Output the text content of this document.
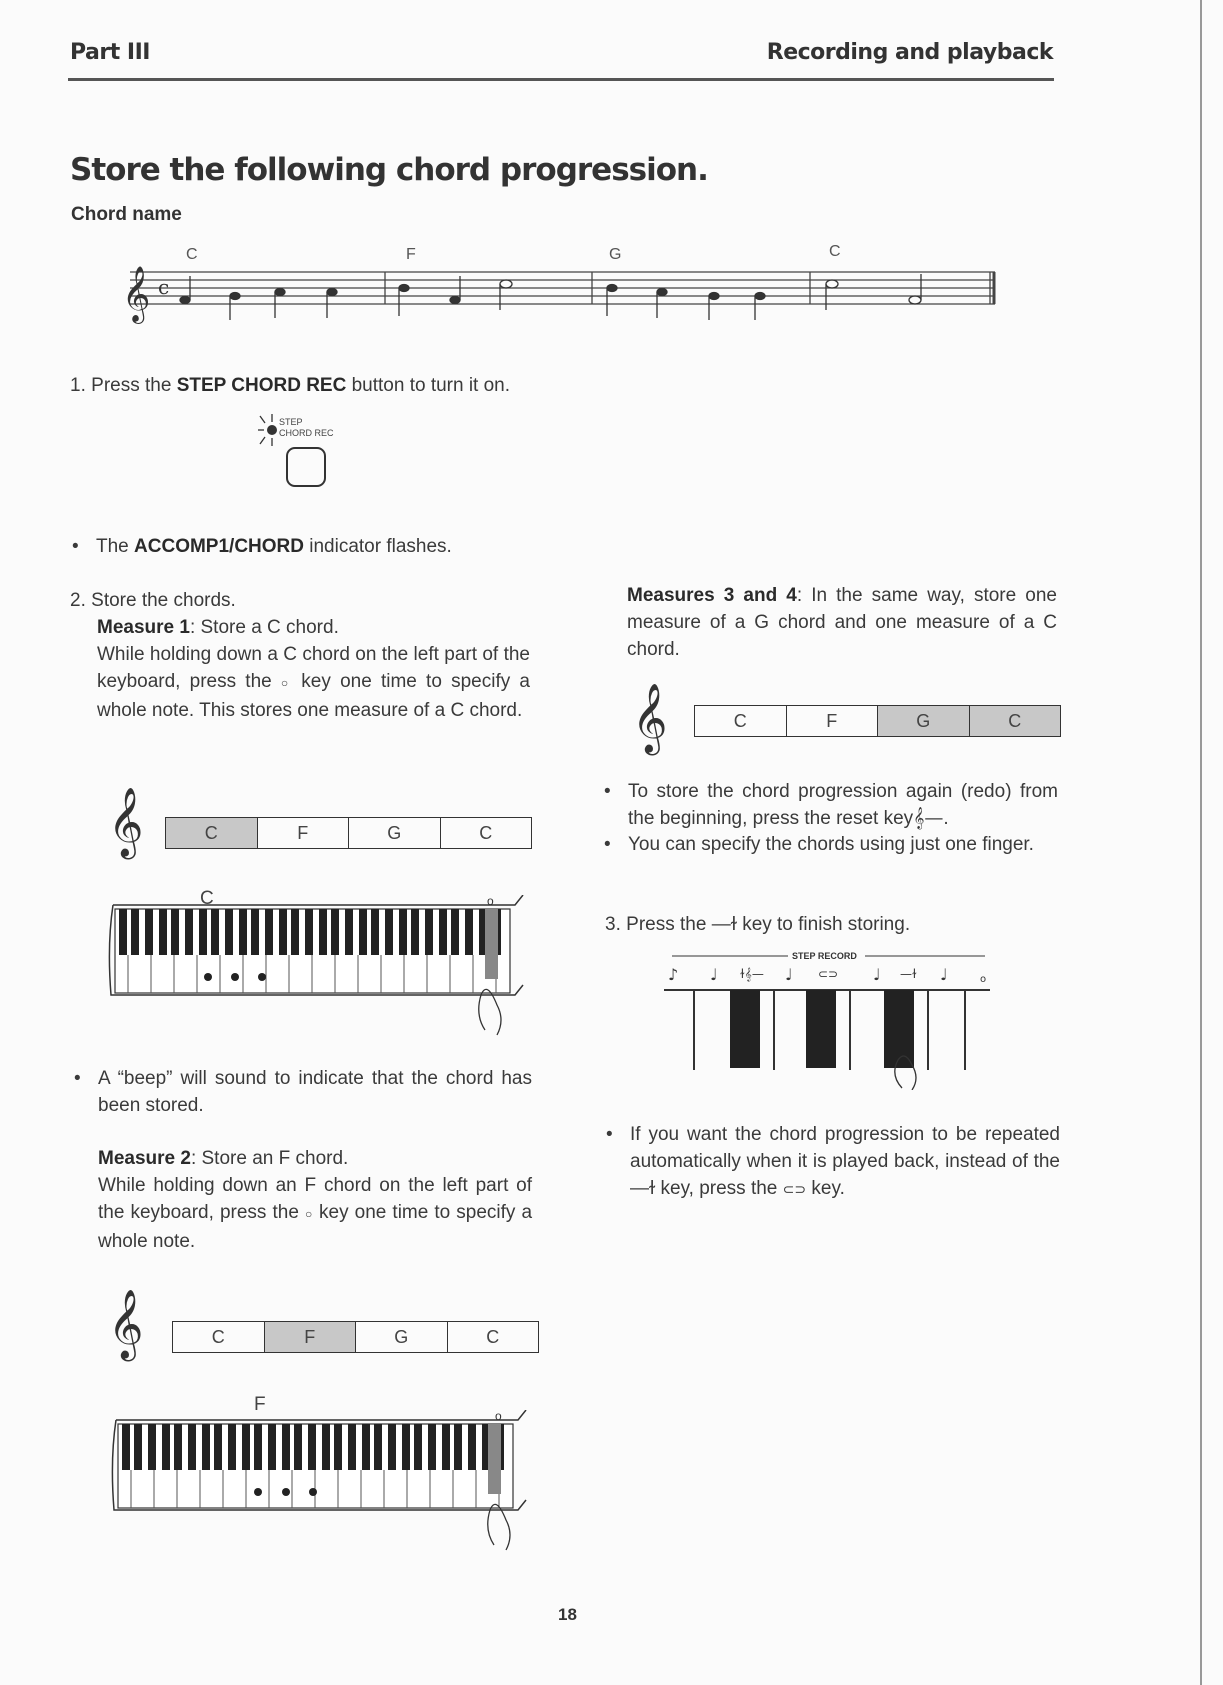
Part III	Recording and playback
Store the following chord progression.
Chord name
C	F	G	C
𝄞 c
1. Press the STEP CHORD REC button to turn it on.
STEP
CHORD REC
• The ACCOMP1/CHORD indicator flashes.
2. Store the chords.
Measure 1: Store a C chord.
While holding down a C chord on the left part of the keyboard, press the ○ key one time to specify a whole note. This stores one measure of a C chord.
𝄞	C	F	G	C
C	o
• A “beep” will sound to indicate that the chord has been stored.
Measure 2: Store an F chord.
While holding down an F chord on the left part of the keyboard, press the ○ key one time to specify a whole note.
𝄞	C	F	G	C
F
o
Measures 3 and 4: In the same way, store one measure of a G chord and one measure of a C chord.
𝄞	C	F	G	C
• To store the chord progression again (redo) from the beginning, press the reset key𝄞—.
• You can specify the chords using just one finger.
3. Press the —ɫ key to finish storing.
♪ ♩ ɫ𝄞— ♩ ⊂⊃ ♩ —ɫ ♩	o
STEP RECORD
• If you want the chord progression to be repeated automatically when it is played back, instead of the —ɫ key, press the ⊂⊃ key.
18
